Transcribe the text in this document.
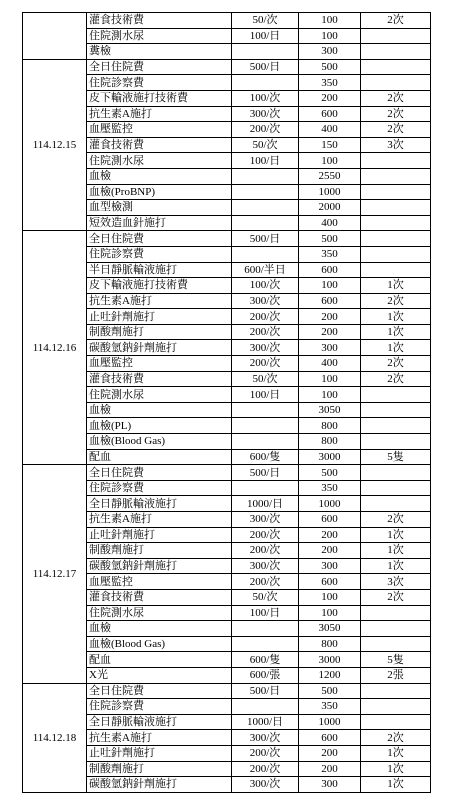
	灌食技術費	50/次	100	2次
	住院測水尿	100/日	100	
	糞檢		300	
114.12.15	全日住院費	500/日	500	
	住院診察費		350	
	皮下輸液施打技術費	100/次	200	2次
	抗生素A施打	300/次	600	2次
	血壓監控	200/次	400	2次
	灌食技術費	50/次	150	3次
	住院測水尿	100/日	100	
	血檢		2550	
	血檢(ProBNP)		1000	
	血型檢測		2000	
	短效造血針施打		400	
114.12.16	全日住院費	500/日	500	
	住院診察費		350	
	半日靜脈輸液施打	600/半日	600	
	皮下輸液施打技術費	100/次	100	1次
	抗生素A施打	300/次	600	2次
	止吐針劑施打	200/次	200	1次
	制酸劑施打	200/次	200	1次
	碳酸氫鈉針劑施打	300/次	300	1次
	血壓監控	200/次	400	2次
	灌食技術費	50/次	100	2次
	住院測水尿	100/日	100	
	血檢		3050	
	血檢(PL)		800	
	血檢(Blood Gas)		800	
	配血	600/隻	3000	5隻
114.12.17	全日住院費	500/日	500	
	住院診察費		350	
	全日靜脈輸液施打	1000/日	1000	
	抗生素A施打	300/次	600	2次
	止吐針劑施打	200/次	200	1次
	制酸劑施打	200/次	200	1次
	碳酸氫鈉針劑施打	300/次	300	1次
	血壓監控	200/次	600	3次
	灌食技術費	50/次	100	2次
	住院測水尿	100/日	100	
	血檢		3050	
	血檢(Blood Gas)		800	
	配血	600/隻	3000	5隻
	X光	600/張	1200	2張
114.12.18	全日住院費	500/日	500	
	住院診察費		350	
	全日靜脈輸液施打	1000/日	1000	
	抗生素A施打	300/次	600	2次
	止吐針劑施打	200/次	200	1次
	制酸劑施打	200/次	200	1次
	碳酸氫鈉針劑施打	300/次	300	1次
